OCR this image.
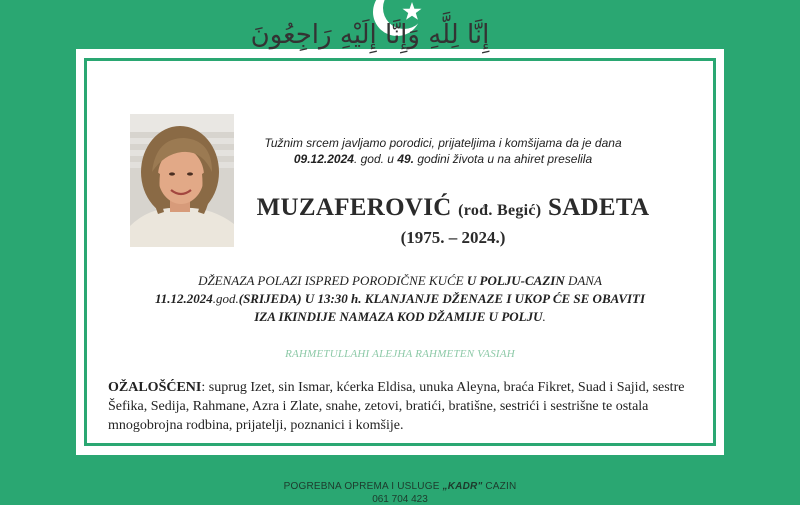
إِنَّا لِلَّهِ وَإِنَّا إِلَيْهِ رَاجِعُونَ
Tužnim srcem javljamo porodici, prijateljima i komšijama da je dana
09.12.2024. god. u 49. godini života u na ahiret preselila
MUZAFEROVIĆ (rođ. Begić) SADETA
(1975. – 2024.)
DŽENAZA POLAZI ISPRED PORODIČNE KUĆE U POLJU-CAZIN DANA
11.12.2024.god.(SRIJEDA) U 13:30 h. KLANJANJE DŽENAZE I UKOP ĆE SE OBAVITI
IZA IKINDIJE NAMAZA KOD DŽAMIJE U POLJU.
RAHMETULLAHI ALEJHA RAHMETEN VASIAH
OŽALOŠĆENI: suprug Izet, sin Ismar, kćerka Eldisa, unuka Aleyna, braća Fikret, Suad i Sajid, sestre Šefika, Sedija, Rahmane, Azra i Zlate, snahe, zetovi, bratići, bratišne, sestrići i sestrišne te ostala mnogobrojna rodbina, prijatelji, poznanici i komšije.
POGREBNA OPREMA I USLUGE „KADR" CAZIN
061 704 423
